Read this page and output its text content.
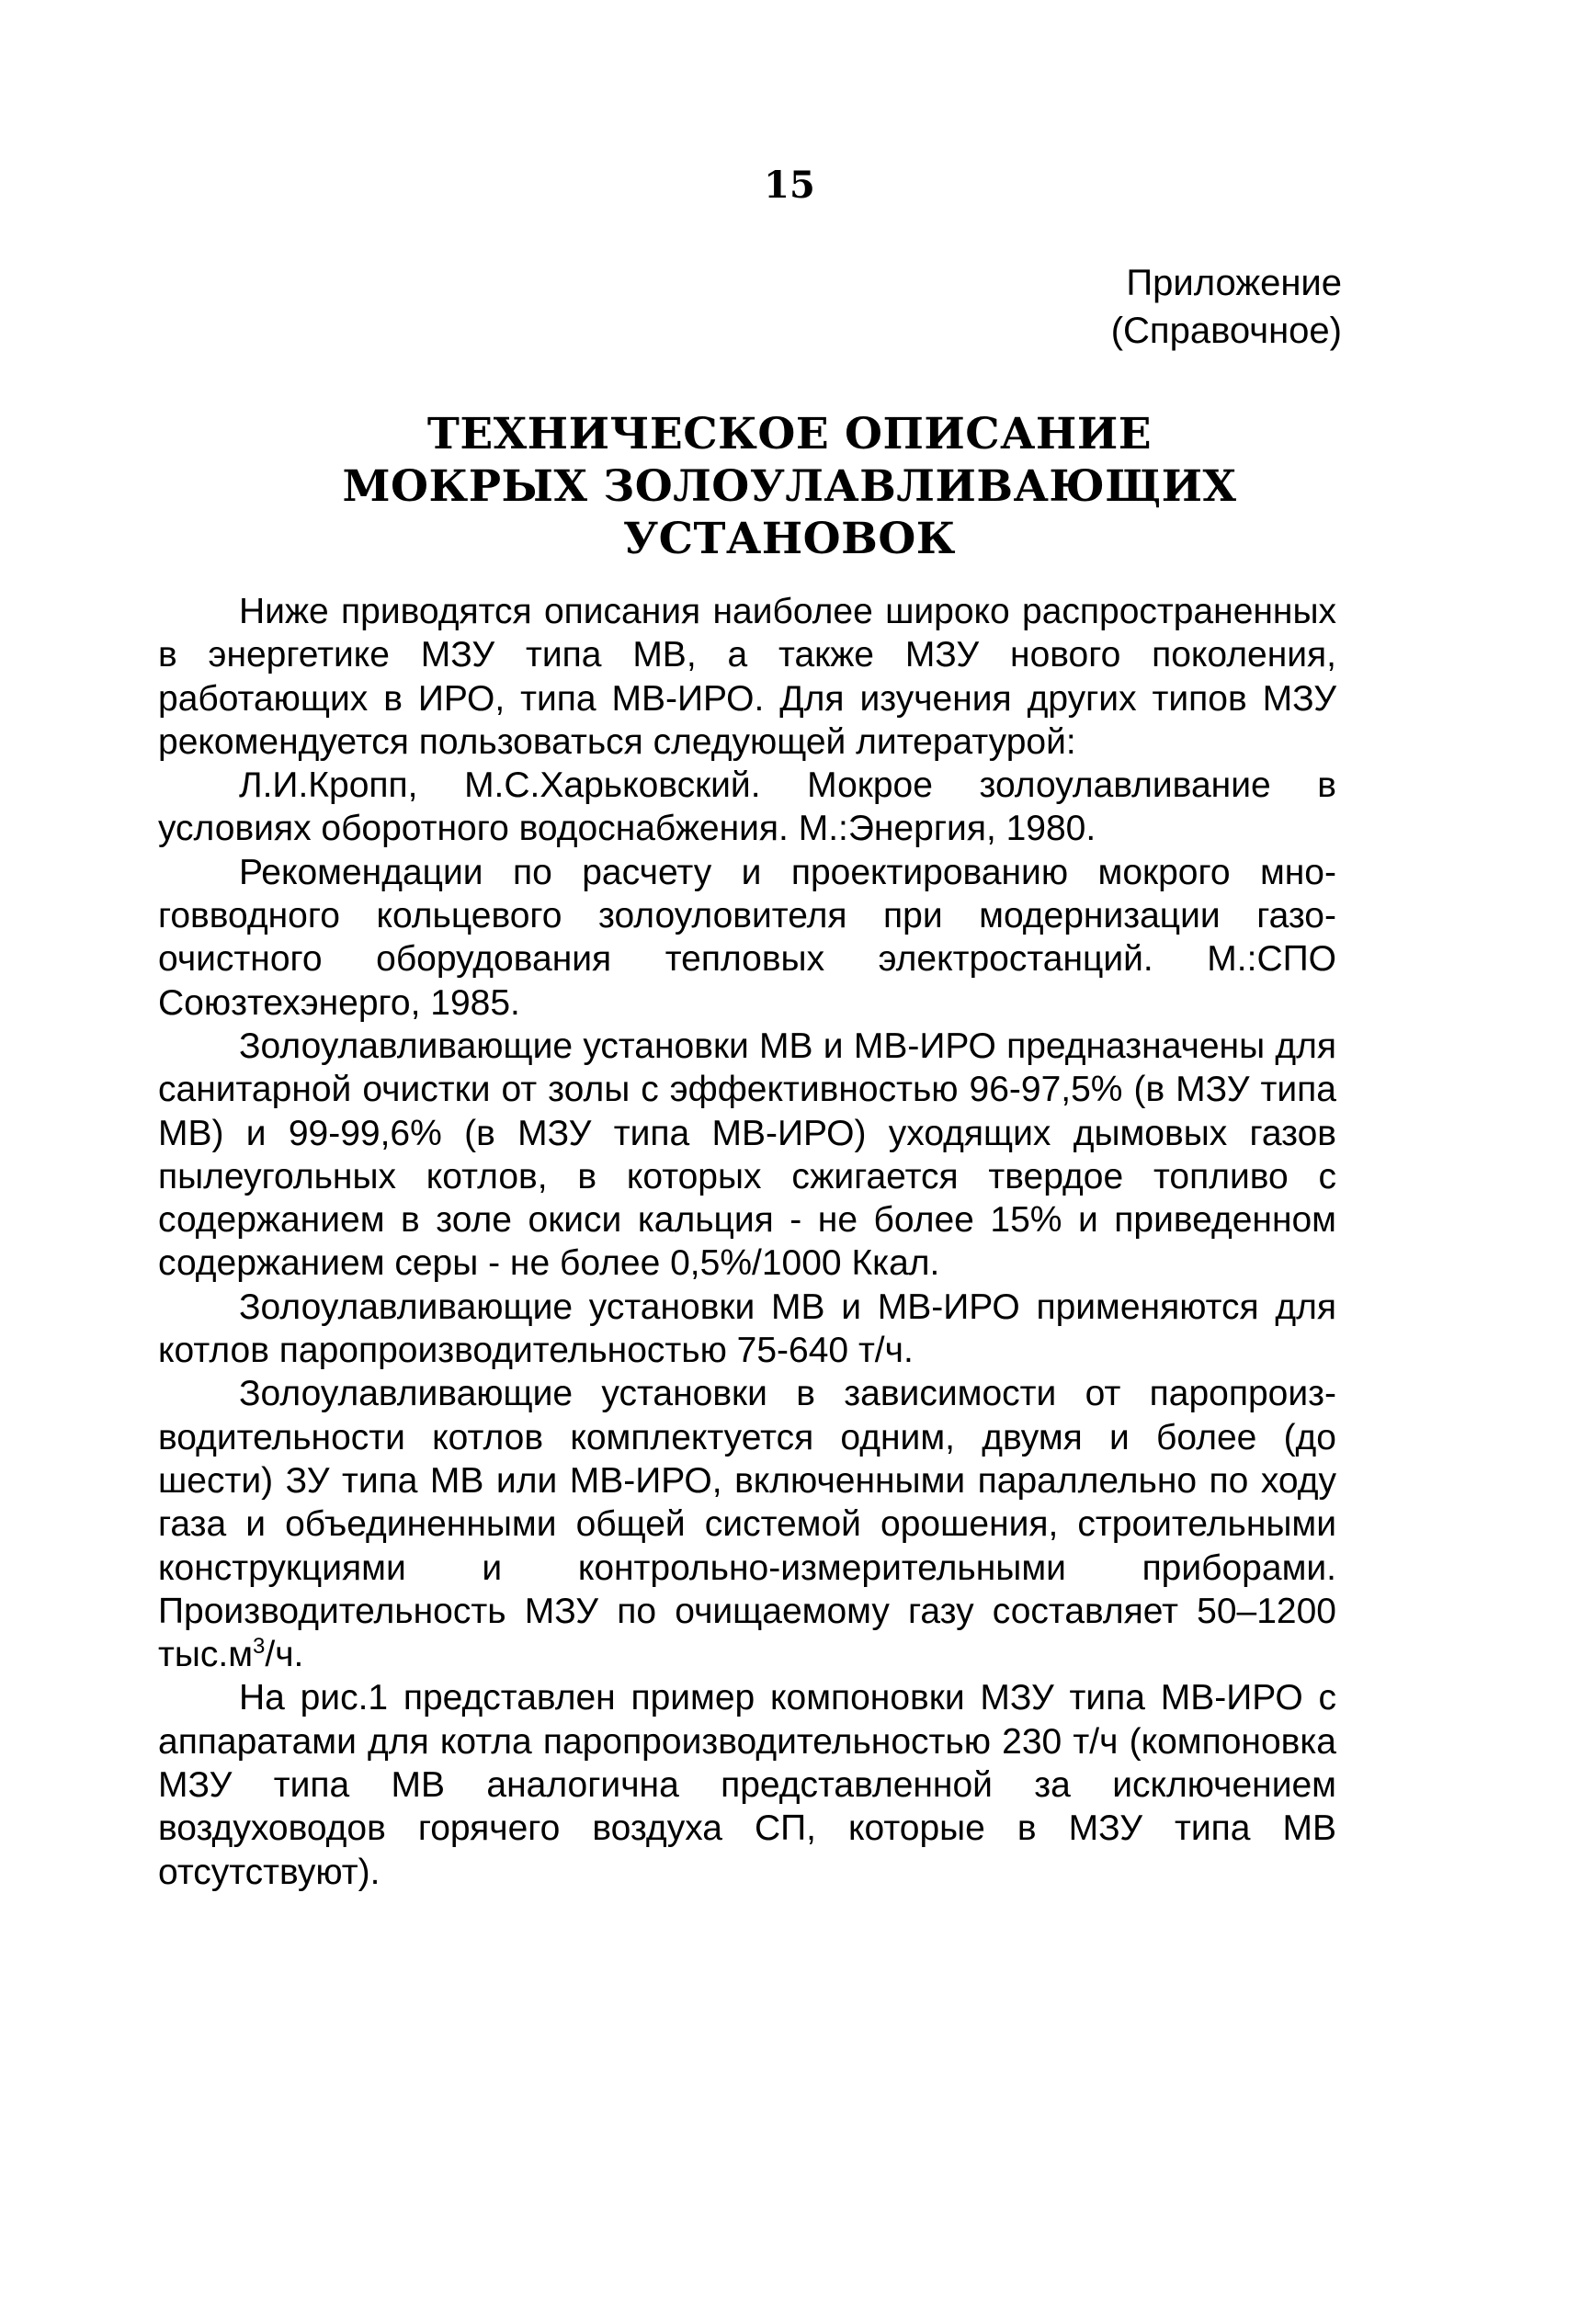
15
Приложение
(Справочное)
ТЕХНИЧЕСКОЕ ОПИСАНИЕ
МОКРЫХ ЗОЛОУЛАВЛИВАЮЩИХ
УСТАНОВОК

Ниже приводятся описания наиболее широко распространенных в энергетике МЗУ типа МВ, а также МЗУ нового поколения, работающих в ИРО, типа МВ-ИРО. Для изучения других типов МЗУ рекомендуется пользоваться следующей литературой:

Л.И.Кропп, М.С.Харьковский. Мокрое золоулавливание в условиях оборотного водоснабжения. М.:Энергия, 1980.

Рекомендации по расчету и проектированию мокрого многовводного кольцевого золоуловителя при модернизации газоочистного оборудования тепловых электростанций. М.:СПО Союзтехэнерго, 1985.

Золоулавливающие установки МВ и МВ-ИРО предназначены для санитарной очистки от золы с эффективностью 96-97,5% (в МЗУ типа МВ) и 99-99,6% (в МЗУ типа МВ-ИРО) уходящих дымовых газов пылеугольных котлов, в которых сжигается твердое топливо с содержанием в золе окиси кальция - не более 15% и приведенном содержанием серы - не более 0,5%/1000 Ккал.

Золоулавливающие установки МВ и МВ-ИРО применяются для котлов паропроизводительностью 75-640 т/ч.

Золоулавливающие установки в зависимости от паропроизводительности котлов комплектуется одним, двумя и более (до шести) ЗУ типа МВ или МВ-ИРО, включенными параллельно по ходу газа и объединенными общей системой орошения, строительными конструкциями и контрольно-измерительными приборами. Производительность МЗУ по очищаемому газу составляет 50–1200 $тыс.м^3/ч$.

На рис.1 представлен пример компоновки МЗУ типа МВ-ИРО с аппаратами для котла паропроизводительностью 230 т/ч (компоновка МЗУ типа МВ аналогична представленной за исключением воздуховодов горячего воздуха СП, которые в МЗУ типа МВ отсутствуют).
